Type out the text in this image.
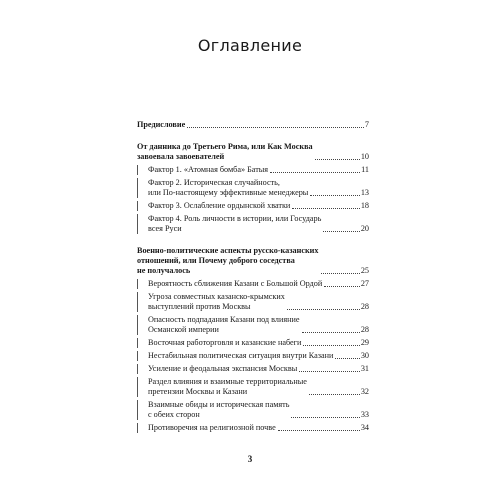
Оглавление
Предисловие	7
От данника до Третьего Рима, или Как Москва
завоевала завоевателей	10
Фактор 1. «Атомная бомба» Батыя	11
Фактор 2. Историческая случайность,
или По-настоящему эффективные менеджеры	13
Фактор 3. Ослабление ордынской хватки	18
Фактор 4. Роль личности в истории, или Государь
всея Руси	20
Военно-политические аспекты русско-казанских
отношений, или Почему доброго соседства
не получалось	25
Вероятность сближения Казани с Большой Ордой	27
Угроза совместных казанско-крымских
выступлений против Москвы	28
Опасность подпадания Казани под влияние
Османской империи	28
Восточная работорговля и казанские набеги	29
Нестабильная политическая ситуация внутри Казани	30
Усиление и феодальная экспансия Москвы	31
Раздел влияния и взаимные территориальные
претензии Москвы и Казани	32
Взаимные обиды и историческая память
с обеих сторон	33
Противоречия на религиозной почве	34
3
